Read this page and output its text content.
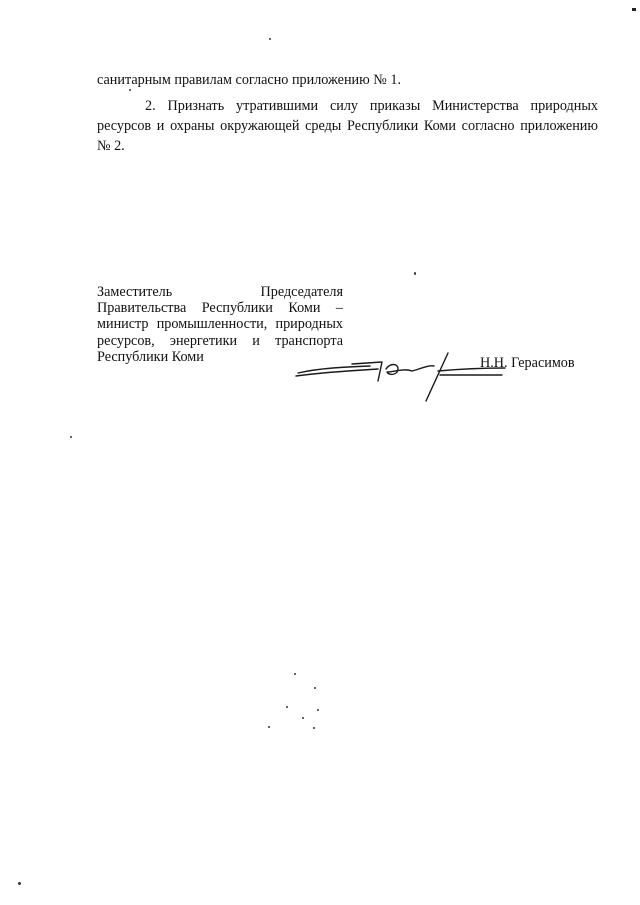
санитарным правилам согласно приложению № 1.
2. Признать утратившими силу приказы Министерства природных ресурсов и охраны окружающей среды Республики Коми согласно приложению № 2.
Заместитель Председателя
Правительства Республики Коми –
министр промышленности, природных
ресурсов, энергетики и транспорта
Республики Коми	Н.Н. Герасимов
